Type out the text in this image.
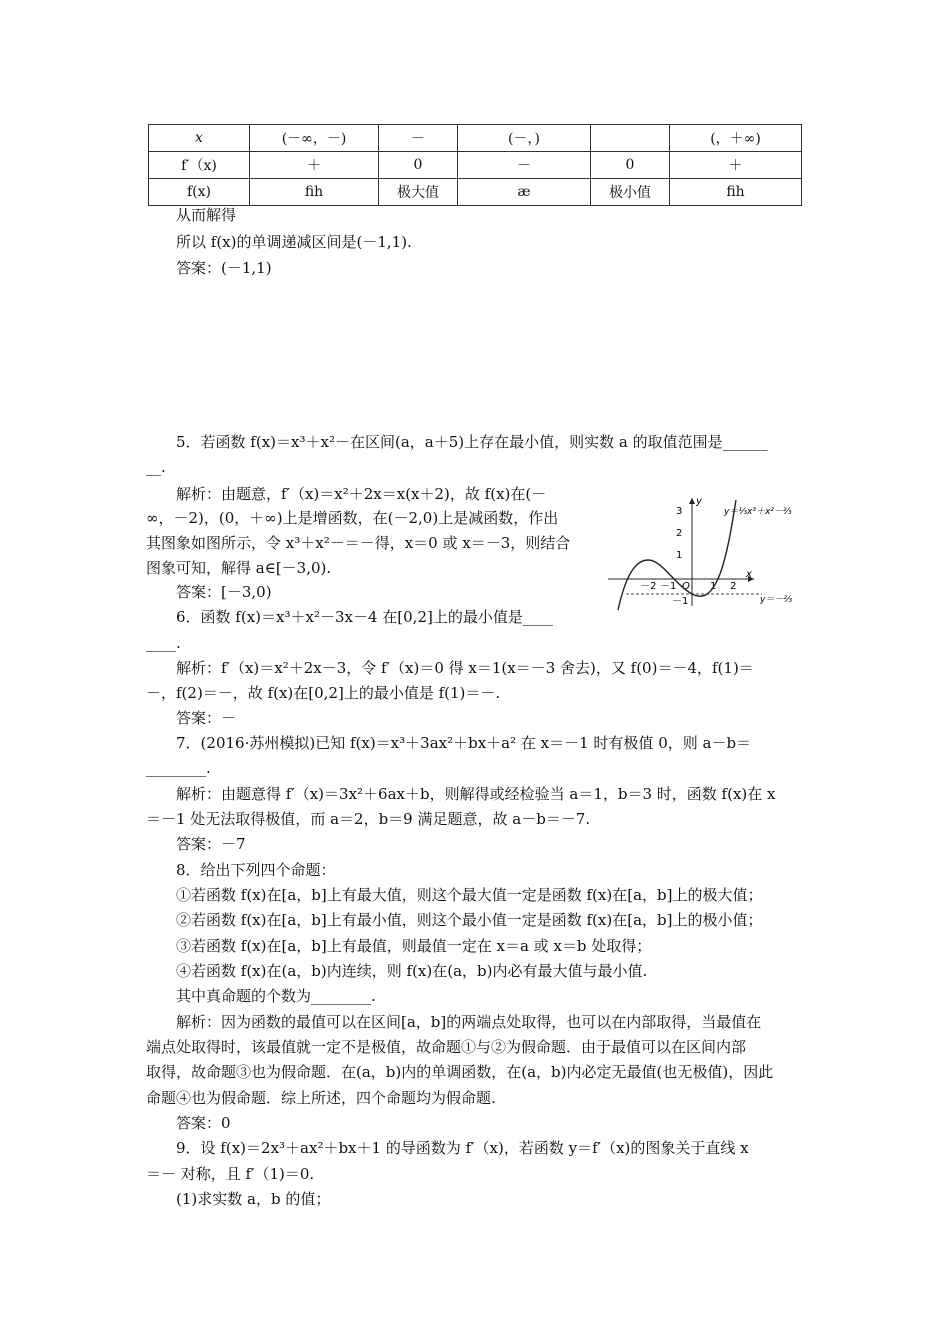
x	(－∞，－)	－	(－，)		(，＋∞)
f′（x)	＋	0	－	0	＋
f(x)	ﬁh	极大值	æ	极小值	ﬁh
从而解得
所以 f(x)的单调递减区间是(－1,1).
答案：(－1,1)
5．若函数 f(x)＝x³＋x²－在区间(a，a＋5)上存在最小值，则实数 a 的取值范围是______
__.
解析：由题意，f′（x)＝x²＋2x＝x(x＋2)，故 f(x)在(－
∞，－2)，(0，＋∞)上是增函数，在(－2,0)上是减函数，作出
其图象如图所示，令 x³＋x²－＝－得，x＝0 或 x＝－3，则结合
图象可知，解得 a∈[－3,0).
答案：[－3,0)
6．函数 f(x)＝x³＋x²－3x－4 在[0,2]上的最小值是____
____.
解析：f′（x)＝x²＋2x－3，令 f′（x)＝0 得 x＝1(x＝－3 舍去)，又 f(0)＝－4，f(1)＝
－，f(2)＝－，故 f(x)在[0,2]上的最小值是 f(1)＝－.
答案：－
7．(2016·苏州模拟)已知 f(x)＝x³＋3ax²＋bx＋a² 在 x＝－1 时有极值 0，则 a－b＝
________.
解析：由题意得 f′（x)＝3x²＋6ax＋b，则解得或经检验当 a＝1，b＝3 时，函数 f(x)在 x
＝－1 处无法取得极值，而 a＝2，b＝9 满足题意，故 a－b＝－7.
答案：－7
8．给出下列四个命题：
①若函数 f(x)在[a，b]上有最大值，则这个最大值一定是函数 f(x)在[a，b]上的极大值；
②若函数 f(x)在[a，b]上有最小值，则这个最小值一定是函数 f(x)在[a，b]上的极小值；
③若函数 f(x)在[a，b]上有最值，则最值一定在 x＝a 或 x＝b 处取得；
④若函数 f(x)在(a，b)内连续，则 f(x)在(a，b)内必有最大值与最小值.
其中真命题的个数为________.
解析：因为函数的最值可以在区间[a，b]的两端点处取得，也可以在内部取得，当最值在
端点处取得时，该最值就一定不是极值，故命题①与②为假命题．由于最值可以在区间内部
取得，故命题③也为假命题．在(a，b)内的单调函数，在(a，b)内必定无最值(也无极值)，因此
命题④也为假命题．综上所述，四个命题均为假命题.
答案：0
9．设 f(x)＝2x³＋ax²＋bx＋1 的导函数为 f′（x)，若函数 y＝f′（x)的图象关于直线 x
＝－ 对称，且 f′（1)＝0.
(1)求实数 a，b 的值；
y
x
3
2
1
－1
－2 －1 O 1 2
y＝－⅔
y＝⅓x³＋x²－⅔
